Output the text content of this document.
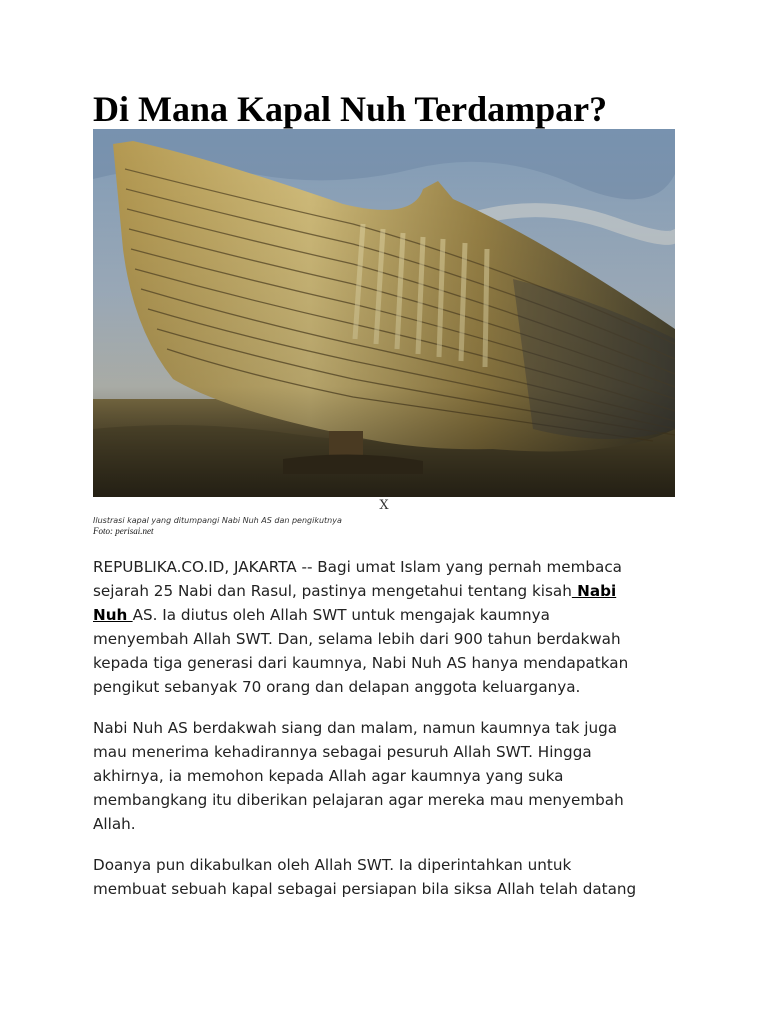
Di Mana Kapal Nuh Terdampar?
X
Ilustrasi kapal yang ditumpangi Nabi Nuh AS dan pengikutnya
Foto: perisai.net

REPUBLIKA.CO.ID, JAKARTA -- Bagi umat Islam yang pernah membaca
sejarah 25 Nabi dan Rasul, pastinya mengetahui tentang kisah Nabi
Nuh AS. Ia diutus oleh Allah SWT untuk mengajak kaumnya
menyembah Allah SWT. Dan, selama lebih dari 900 tahun berdakwah
kepada tiga generasi dari kaumnya, Nabi Nuh AS hanya mendapatkan
pengikut sebanyak 70 orang dan delapan anggota keluarganya.

Nabi Nuh AS berdakwah siang dan malam, namun kaumnya tak juga
mau menerima kehadirannya sebagai pesuruh Allah SWT. Hingga
akhirnya, ia memohon kepada Allah agar kaumnya yang suka
membangkang itu diberikan pelajaran agar mereka mau menyembah
Allah.

Doanya pun dikabulkan oleh Allah SWT. Ia diperintahkan untuk
membuat sebuah kapal sebagai persiapan bila siksa Allah telah datang
